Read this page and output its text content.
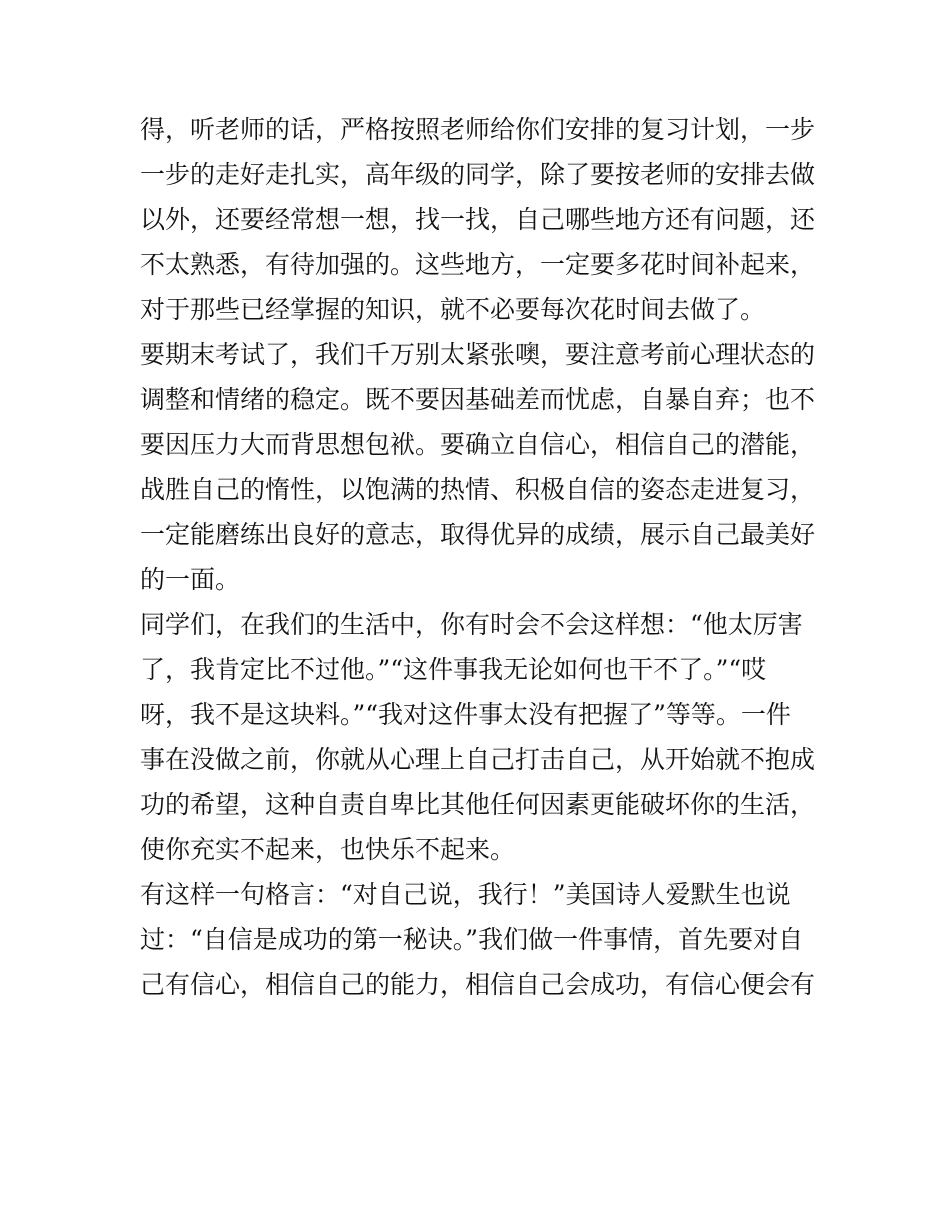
得，听老师的话，严格按照老师给你们安排的复习计划，一步
一步的走好走扎实，高年级的同学，除了要按老师的安排去做
以外，还要经常想一想，找一找，自己哪些地方还有问题，还
不太熟悉，有待加强的。这些地方，一定要多花时间补起来，
对于那些已经掌握的知识，就不必要每次花时间去做了。
要期末考试了，我们千万别太紧张噢，要注意考前心理状态的
调整和情绪的稳定。既不要因基础差而忧虑，自暴自弃；也不
要因压力大而背思想包袱。要确立自信心，相信自己的潜能，
战胜自己的惰性，以饱满的热情、积极自信的姿态走进复习，
一定能磨练出良好的意志，取得优异的成绩，展示自己最美好
的一面。
同学们，在我们的生活中，你有时会不会这样想：“他太厉害
了，我肯定比不过他。”“这件事我无论如何也干不了。”“哎
呀，我不是这块料。”“我对这件事太没有把握了”等等。一件
事在没做之前，你就从心理上自己打击自己，从开始就不抱成
功的希望，这种自责自卑比其他任何因素更能破坏你的生活，
使你充实不起来，也快乐不起来。
有这样一句格言：“对自己说，我行！”美国诗人爱默生也说
过：“自信是成功的第一秘诀。”我们做一件事情，首先要对自
己有信心，相信自己的能力，相信自己会成功，有信心便会有
